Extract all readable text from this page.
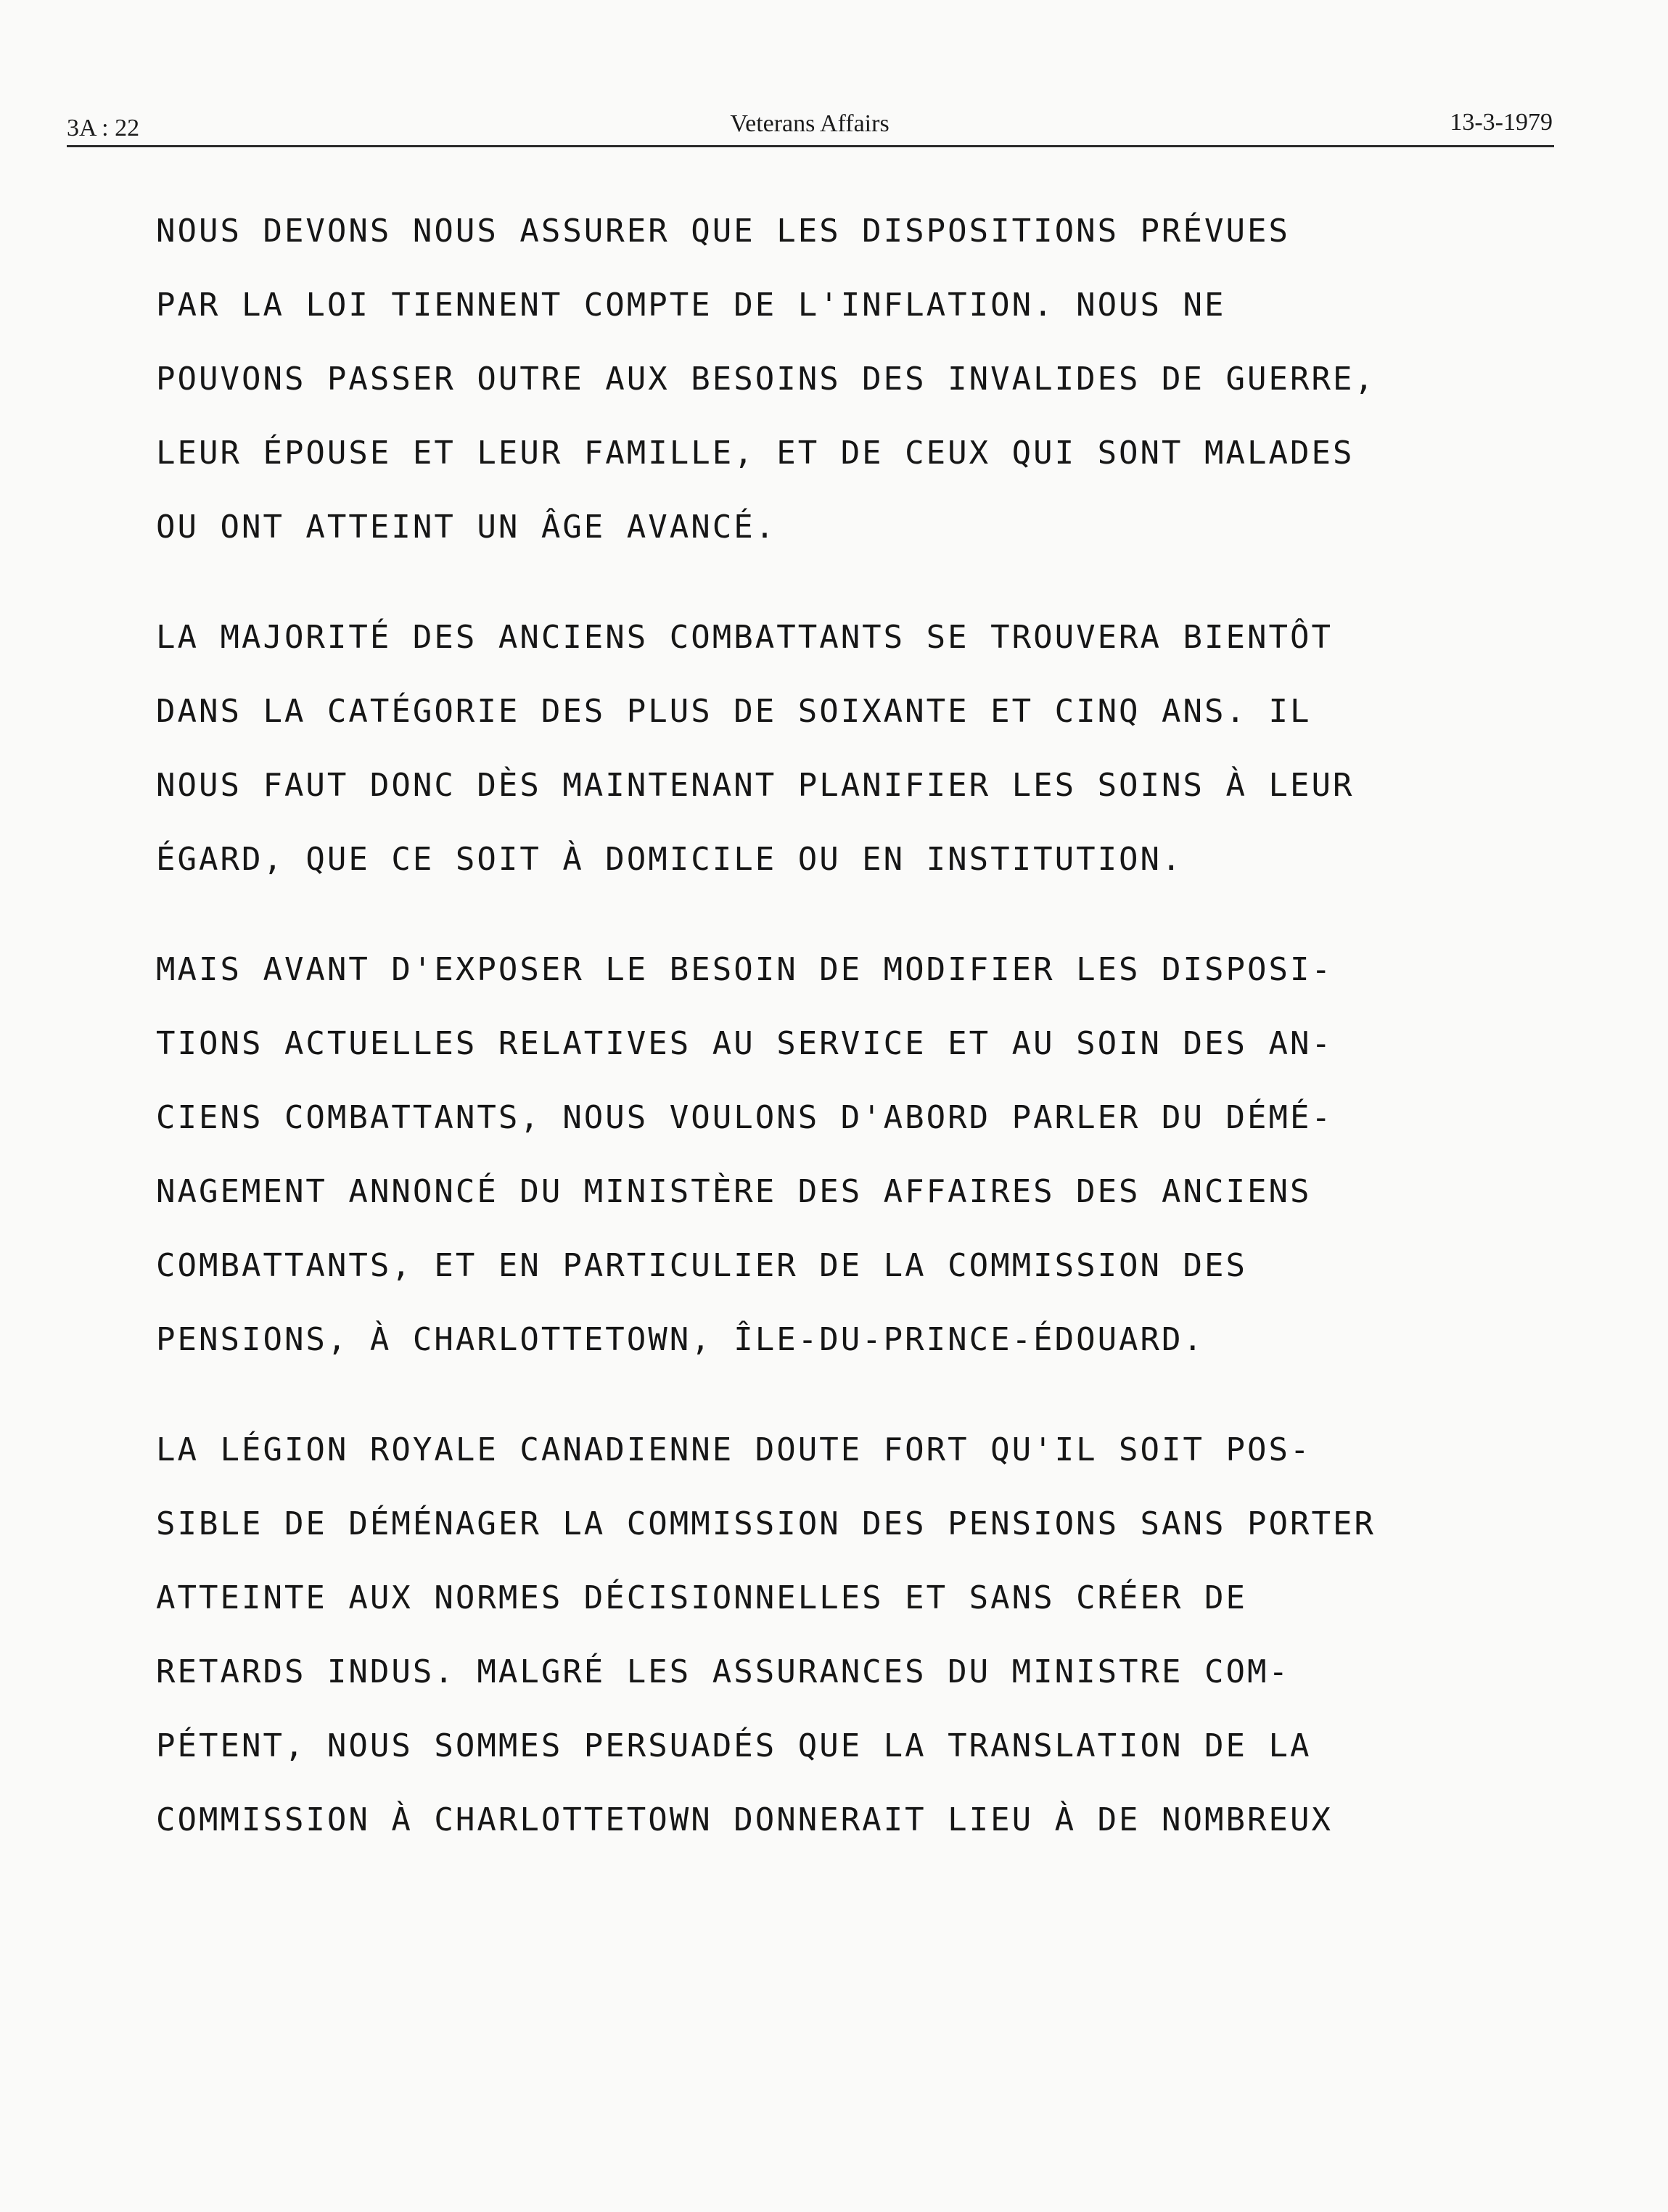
3A : 22	Veterans Affairs	13-3-1979
NOUS DEVONS NOUS ASSURER QUE LES DISPOSITIONS PRÉVUES
PAR LA LOI TIENNENT COMPTE DE L'INFLATION. NOUS NE
POUVONS PASSER OUTRE AUX BESOINS DES INVALIDES DE GUERRE,
LEUR ÉPOUSE ET LEUR FAMILLE, ET DE CEUX QUI SONT MALADES
OU ONT ATTEINT UN ÂGE AVANCÉ.
LA MAJORITÉ DES ANCIENS COMBATTANTS SE TROUVERA BIENTÔT
DANS LA CATÉGORIE DES PLUS DE SOIXANTE ET CINQ ANS. IL
NOUS FAUT DONC DÈS MAINTENANT PLANIFIER LES SOINS À LEUR
ÉGARD, QUE CE SOIT À DOMICILE OU EN INSTITUTION.
MAIS AVANT D'EXPOSER LE BESOIN DE MODIFIER LES DISPOSI-
TIONS ACTUELLES RELATIVES AU SERVICE ET AU SOIN DES AN-
CIENS COMBATTANTS, NOUS VOULONS D'ABORD PARLER DU DÉMÉ-
NAGEMENT ANNONCÉ DU MINISTÈRE DES AFFAIRES DES ANCIENS
COMBATTANTS, ET EN PARTICULIER DE LA COMMISSION DES
PENSIONS, À CHARLOTTETOWN, ÎLE-DU-PRINCE-ÉDOUARD.
LA LÉGION ROYALE CANADIENNE DOUTE FORT QU'IL SOIT POS-
SIBLE DE DÉMÉNAGER LA COMMISSION DES PENSIONS SANS PORTER
ATTEINTE AUX NORMES DÉCISIONNELLES ET SANS CRÉER DE
RETARDS INDUS. MALGRÉ LES ASSURANCES DU MINISTRE COM-
PÉTENT, NOUS SOMMES PERSUADÉS QUE LA TRANSLATION DE LA
COMMISSION À CHARLOTTETOWN DONNERAIT LIEU À DE NOMBREUX
